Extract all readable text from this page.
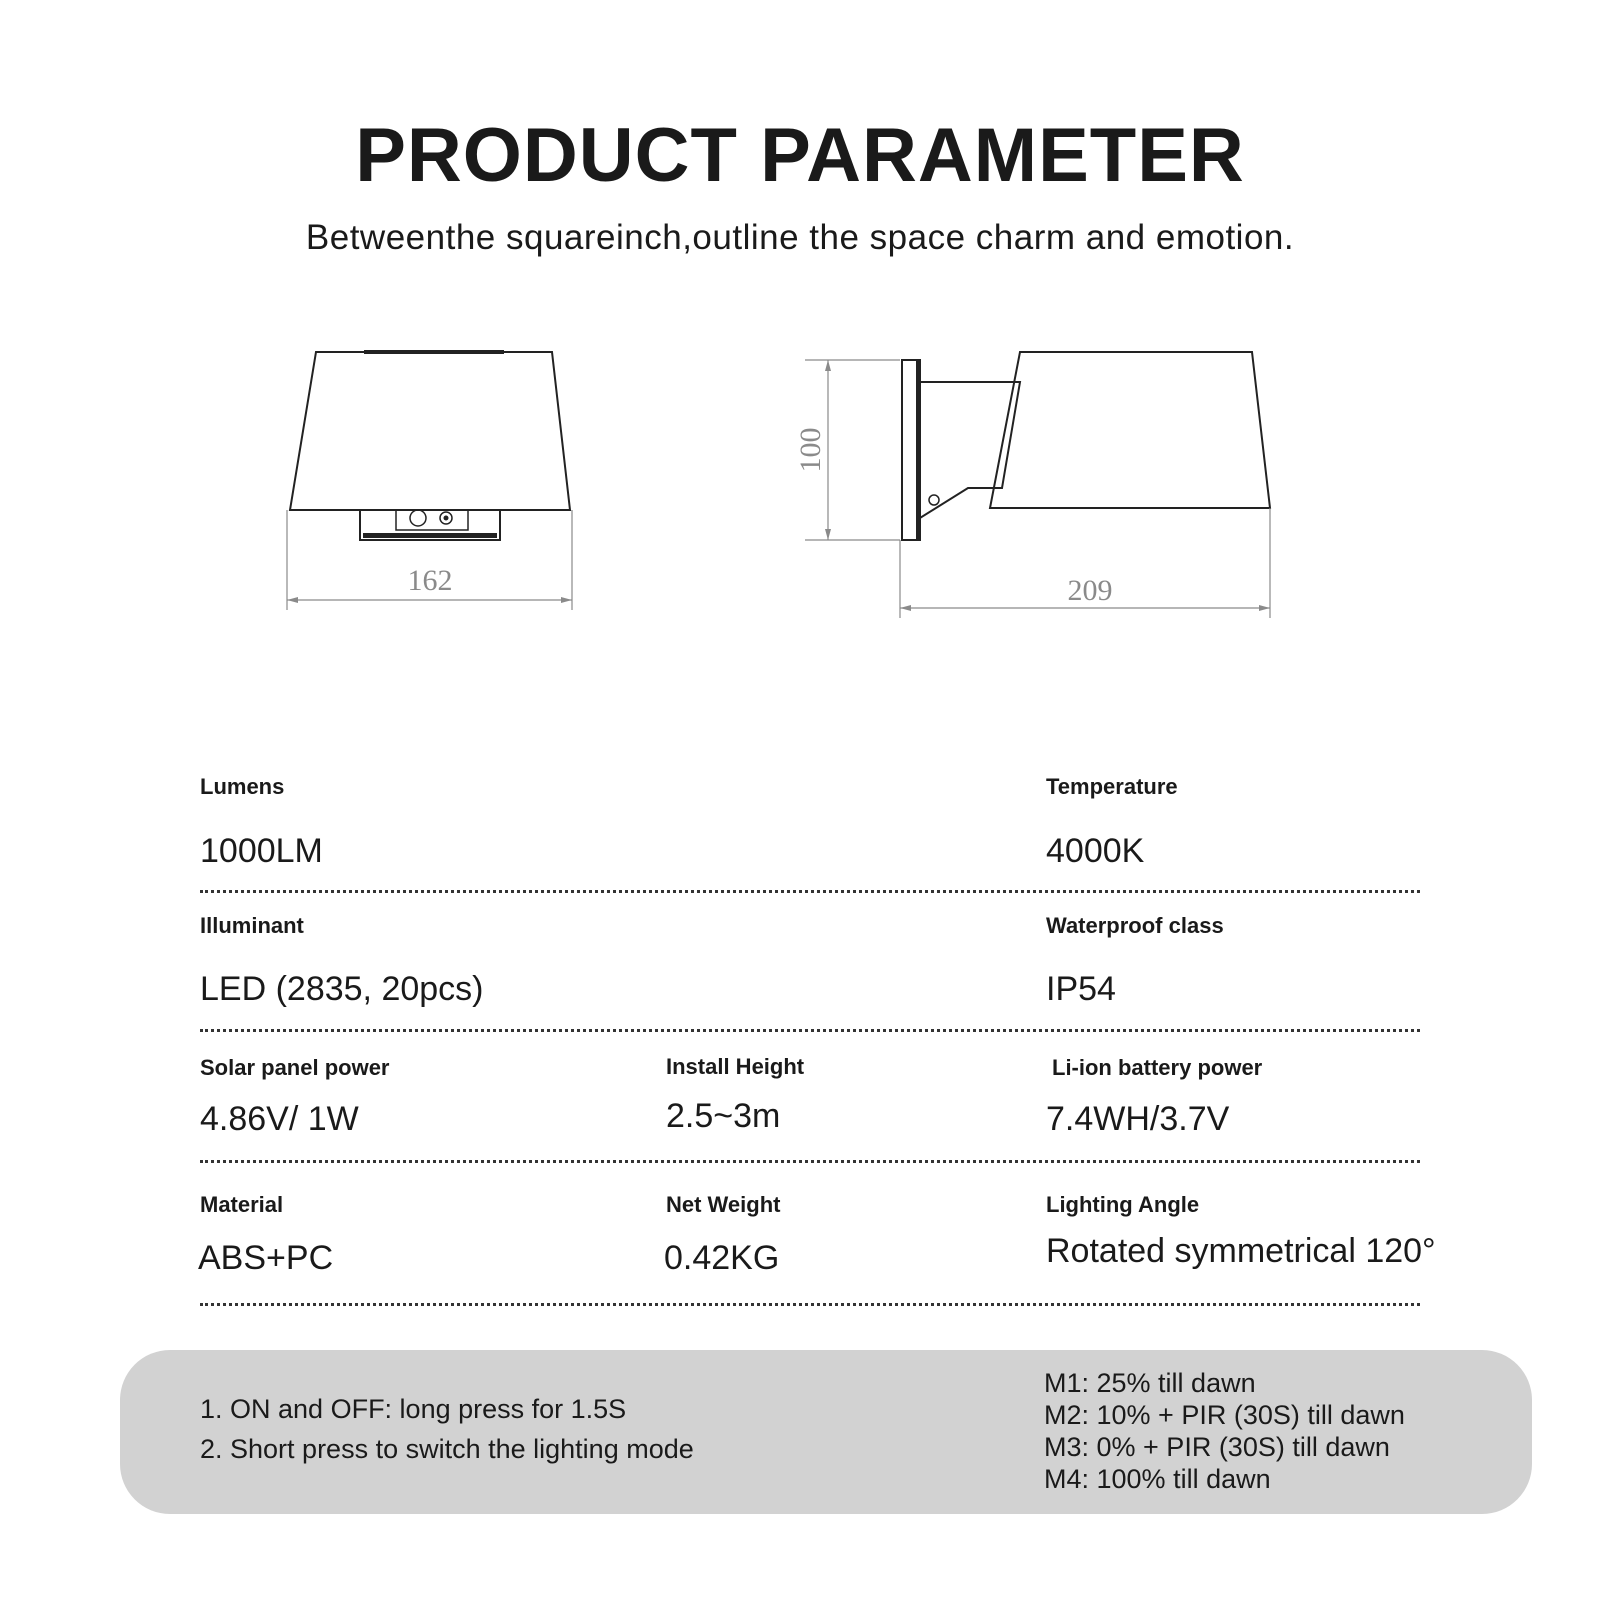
PRODUCT PARAMETER
Betweenthe squareinch,outline the space charm and emotion.
162
100
209
Lumens
1000LM
Temperature
4000K
Illuminant
LED (2835, 20pcs)
Waterproof class
IP54
Solar panel power
4.86V/ 1W
Install Height
2.5~3m
Li-ion battery power
7.4WH/3.7V
Material
ABS+PC
Net Weight
0.42KG
Lighting Angle
Rotated symmetrical 120°
1. ON and OFF: long press for 1.5S
2. Short press to switch the lighting mode
M1: 25% till dawn
M2: 10% + PIR (30S) till dawn
M3: 0% + PIR (30S) till dawn
M4: 100% till dawn
